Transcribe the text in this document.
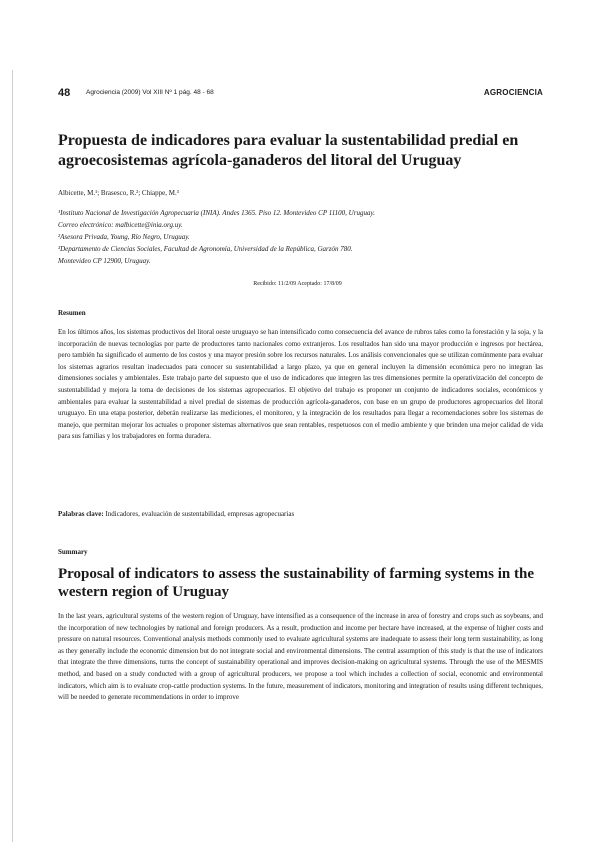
48 Agrociencia (2009) Vol XIII Nº 1 pág. 48 - 68	AGROCIENCIA
Propuesta de indicadores para evaluar la sustentabilidad predial en agroecosistemas agrícola-ganaderos del litoral del Uruguay
Albicette, M.¹; Brasesco, R.²; Chiappe, M.³
¹Instituto Nacional de Investigación Agropecuaria (INIA). Andes 1365. Piso 12. Montevideo CP 11100, Uruguay.
Correo electrónico: malbicette@inia.org.uy.
²Asesora Privada, Young, Río Negro, Uruguay.
³Departamento de Ciencias Sociales, Facultad de Agronomía, Universidad de la República, Garzón 780.
Montevideo CP 12900, Uruguay.
Recibido: 11/2/09 Aceptado: 17/8/09
Resumen
En los últimos años, los sistemas productivos del litoral oeste uruguayo se han intensificado como consecuencia del avance de rubros tales como la forestación y la soja, y la incorporación de nuevas tecnologías por parte de productores tanto nacionales como extranjeros. Los resultados han sido una mayor producción e ingresos por hectárea, pero también ha significado el aumento de los costos y una mayor presión sobre los recursos naturales. Los análisis convencionales que se utilizan comúnmente para evaluar los sistemas agrarios resultan inadecuados para conocer su sustentabilidad a largo plazo, ya que en general incluyen la dimensión económica pero no integran las dimensiones sociales y ambientales. Este trabajo parte del supuesto que el uso de indicadores que integren las tres dimensiones permite la operativización del concepto de sustentabilidad y mejora la toma de decisiones de los sistemas agropecuarios. El objetivo del trabajo es proponer un conjunto de indicadores sociales, económicos y ambientales para evaluar la sustentabilidad a nivel predial de sistemas de producción agrícola-ganaderos, con base en un grupo de productores agropecuarios del litoral uruguayo. En una etapa posterior, deberán realizarse las mediciones, el monitoreo, y la integración de los resultados para llegar a recomendaciones sobre los sistemas de manejo, que permitan mejorar los actuales o proponer sistemas alternativos que sean rentables, respetuosos con el medio ambiente y que brinden una mejor calidad de vida para sus familias y los trabajadores en forma duradera.
Palabras clave: Indicadores, evaluación de sustentabilidad, empresas agropecuarias
Summary
Proposal of indicators to assess the sustainability of farming systems in the western region of Uruguay
In the last years, agricultural systems of the western region of Uruguay, have intensified as a consequence of the increase in area of forestry and crops such as soybeans, and the incorporation of new technologies by national and foreign producers. As a result, production and income per hectare have increased, at the expense of higher costs and pressure on natural resources. Conventional analysis methods commonly used to evaluate agricultural systems are inadequate to assess their long term sustainability, as long as they generally include the economic dimension but do not integrate social and environmental dimensions. The central assumption of this study is that the use of indicators that integrate the three dimensions, turns the concept of sustainability operational and improves decision-making on agricultural systems. Through the use of the MESMIS method, and based on a study conducted with a group of agricultural producers, we propose a tool which includes a collection of social, economic and environmental indicators, which aim is to evaluate crop-cattle production systems. In the future, measurement of indicators, monitoring and integration of results using different techniques, will be needed to generate recommendations in order to improve
